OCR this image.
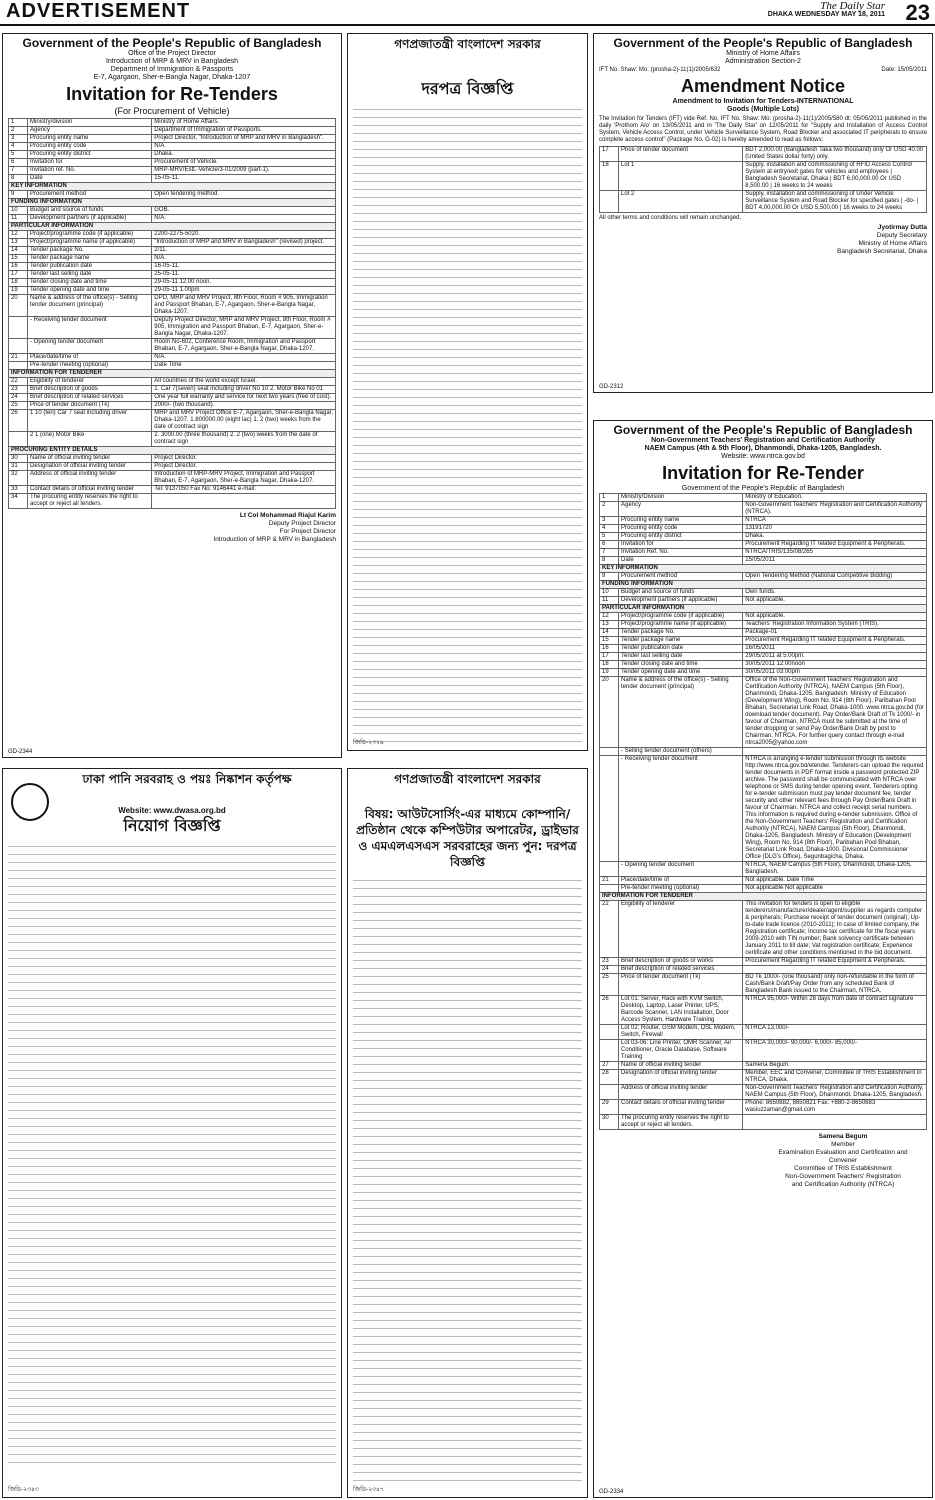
ADVERTISEMENT	The Daily Star
DHAKA WEDNESDAY MAY 18, 2011 23
Government of the People's Republic of Bangladesh
Office of the Project Director
Introduction of MRP & MRV in Bangladesh
Department of Immigration & Passports
E-7, Agargaon, Sher-e-Bangla Nagar, Dhaka-1207
Invitation for Re-Tenders
(For Procurement of Vehicle)
1	Ministry/division	Ministry of Home Affairs.
2	Agency	Department of Immigration of Passports.
3	Procuring entity name	Project Director, "Introduction of MRP and MRV in Bangladesh".
4	Procuring entity code	N/A.
5	Procuring entity district	Dhaka.
6	Invitation for	Procurement of Vehicle.
7	Invitation ref. No.	MRP-MRV/Estt.-Vehicle/3-01/2009 (part-1).
8	Date	15-05-11.
KEY INFORMATION		
9	Procurement method	Open tendering method.
FUNDING INFORMATION		
10	Budget and source of funds	GOB.
11	Development partners (if applicable)	N/A.
PARTICULAR INFORMATION		
12	Project/programme code (if applicable)	2200-2275-5020.
13	Project/programme name (if applicable)	"Introduction of MRP and MRV in Bangladesh" (revised) project.
14	Tender package No.	2/11.
15	Tender package name	N/A.
16	Tender publication date	16-05-11.
17	Tender last selling date	25-05-11.
18	Tender closing date and time	29-05-11 12.00 noon.
19	Tender opening date and time	29-05-11 1.00pm
20	Name & address of the office(s) - Selling tender document (principal)	DPD, MRP and MRV Project, 8th Floor, Room # 905, Immigration and Passport Bhaban, E-7, Agargaon, Sher-e-Bangla Nagar, Dhaka-1207.
	- Receiving tender document	Deputy Project Director, MRP and MRV Project, 8th Floor, Room # 905, Immigration and Passport Bhaban, E-7, Agargaon, Sher-e-Bangla Nagar, Dhaka-1207.
	- Opening tender document	Room No-602, Conference Room, Immigration and Passport Bhaban, E-7, Agargaon, Sher-e-Bangla Nagar, Dhaka-1207.
21	Place/date/time of	N/A.
	Pre-tender meeting (optional)	Date Time
INFORMATION FOR TENDERER		
22	Eligibility of tenderer	All countries of the world except Israel.
23	Brief description of goods	1. Car 7(seven) seat including driver No 10 2. Motor Bike No 01
24	Brief description of related services	One year full warranty and service for next two years (free of cost).
25	Price of tender document (Tk)	2000/- (two thousand).
26	1 10 (ten) Car 7 seat including driver	MRP and MRV Project Office E-7, Agargaon, Sher-e-Bangla Nagar, Dhaka-1207. 1.800000.00 (eight lac) 1. 2 (two) weeks from the date of contract sign
	2 1 (one) Motor Bike	2. 3000.00 (three thousand) 2. 2 (two) weeks from the date of contract sign
PROCURING ENTITY DETAILS		
30	Name of official inviting tender	Project Director.
31	Designation of official inviting tender	Project Director.
32	Address of official inviting tender	Introduction of MRP-MRV Project, Immigration and Passport Bhaban, E-7, Agargaon, Sher-e-Bangla Nagar, Dhaka-1207.
33	Contact details of official inviting tender	Tel: 9137050 Fax No: 9146441 e-mail:
34	The procuring entity reserves the right to accept or reject all tenders.	
Lt Col Mohammad Riajul Karim
Deputy Project Director
For Project Director
Introduction of MRP & MRV in Bangladesh
GD-2344
গণপ্রজাতন্ত্রী বাংলাদেশ সরকার
দরপত্র বিজ্ঞপ্তি
জিডি-২৩২৯
Government of the People's Republic of Bangladesh
Ministry of Home Affairs
Administration Section-2
IFT No. Shaw: Mo: (prosha-2)-11(1)/2005/632	Date: 15/05/2011
Amendment Notice
Amendment to Invitation for Tenders-INTERNATIONAL
Goods (Multiple Lots)
The Invitation for Tenders (IFT) vide Ref. No. IFT No. Shaw: Mo: (prosha-2)-11(1)/2005/580 dt: 05/05/2011 published in the daily 'Prothom Alo' on 13/05/2011 and in 'The Daily Star' on 12/05/2011 for "Supply and Installation of Access Control System, Vehicle Access Control, under Vehicle Surveillance System, Road Blocker and associated IT peripherals to ensure complete access control" (Package No. G-02) is hereby amended to read as follows:
17	Price of tender document	BDT 2,000.00 (Bangladesh Taka two thousand) only Or USD 40.00 (United States dollar forty) only.
18	Lot 1	Supply, installation and commissioning of RFID Access Control System at entry/exit gates for vehicles and employees | Bangladesh Secretariat, Dhaka | BDT 6,00,000.00 Or USD 8,500.00 | 16 weeks to 24 weeks
	Lot 2	Supply, installation and commissioning of Under Vehicle Surveillance System and Road Blocker for specified gates | -do- | BDT 4,00,000.00 Or USD 5,500.00 | 16 weeks to 24 weeks
All other terms and conditions will remain unchanged.
Jyotirmay Dutta
Deputy Secretary
Ministry of Home Affairs
Bangladesh Secretariat, Dhaka
GD-2312
ঢাকা পানি সরবরাহ ও পয়ঃ নিষ্কাশন কর্তৃপক্ষ
Website: www.dwasa.org.bd
নিয়োগ বিজ্ঞপ্তি
জিডি-২৩৪৩
গণপ্রজাতন্ত্রী বাংলাদেশ সরকার
বিষয়: আউটসোর্সিং-এর মাধ্যমে কোম্পানি/প্রতিষ্ঠান থেকে কম্পিউটার অপারেটর, ড্রাইভার ও এমএলএসএস সরবরাহের জন্য পুন: দরপত্র বিজ্ঞপ্তি
জিডি-২৩৪৭
Government of the People's Republic of Bangladesh
Non-Government Teachers' Registration and Certification Authority
NAEM Campus (4th & 5th Floor), Dhanmondi, Dhaka-1205, Bangladesh.
Website: www.ntrca.gov.bd
Invitation for Re-Tender
Government of the People's Republic of Bangladesh
1	Ministry/Division	Ministry of Education.
2	Agency	Non-Government Teachers' Registration and Certification Authority (NTRCA).
3	Procuring entity name	NTRCA
4	Procuring entity code	13191720
5	Procuring entity district	Dhaka.
6	Invitation for	Procurement Regarding IT related Equipment & Peripherals.
7	Invitation Ref. No.	NTRCA/TRIS/135/08/265
8	Date	15/05/2011
KEY INFORMATION		
9	Procurement method	Open Tendering Method (National Competitive Bidding)
FUNDING INFORMATION		
10	Budget and source of funds	Own funds.
11	Development partners (if applicable)	Not applicable.
PARTICULAR INFORMATION		
12	Project/programme code (if applicable)	Not applicable.
13	Project/programme name (if applicable)	Teachers' Registration Information System (TRIS).
14	Tender package No.	Package-01
15	Tender package name	Procurement Regarding IT related Equipment & Peripherals.
16	Tender publication date	16/05/2011
17	Tender last selling date	29/05/2011 at 5:00pm.
18	Tender closing date and time	30/05/2011 12:00noon
19	Tender opening date and time	30/05/2011 03:00pm
20	Name & address of the office(s) - Selling tender document (principal)	Office of the Non-Government Teachers' Registration and Certification Authority (NTRCA), NAEM Campus (5th Floor), Dhanmondi, Dhaka-1205, Bangladesh. Ministry of Education (Development Wing), Room No. 914 (8th Floor), Paribahan Pool Bhaban, Secretariat Link Road, Dhaka-1000. www.ntrca.gov.bd (for download tender document). Pay Order/Bank Draft of Tk 1000/- in favour of Chairman, NTRCA must be submitted at the time of tender dropping or send Pay Order/Bank Draft by post to Chairman, NTRCA. For further query contact through e-mail ntrca2005@yahoo.com
	- Selling tender document (others)	
	- Receiving tender document	NTRCA is arranging e-tender submission through its website http://www.ntrca.gov.bd/etender. Tenderers can upload the required tender documents in PDF format inside a password protected ZIP archive. The password shall be communicated with NTRCA over telephone or SMS during tender opening event. Tenderers opting for e-tender submission must pay tender document fee, tender security and other relevant fees through Pay Order/Bank Draft in favour of Chairman, NTRCA and collect receipt serial numbers. This information is required during e-tender submission. Office of the Non-Government Teachers' Registration and Certification Authority (NTRCA), NAEM Campus (5th Floor), Dhanmondi, Dhaka-1205, Bangladesh. Ministry of Education (Development Wing), Room No. 914 (8th Floor), Paribahan Pool Bhaban, Secretariat Link Road, Dhaka-1000. Divisional Commissioner Office (DLG's Office), Segunbagicha, Dhaka.
	- Opening tender document	NTRCA, NAEM Campus (5th Floor), Dhanmondi, Dhaka-1205, Bangladesh.
21	Place/date/time of	Not applicable. Date Time
	Pre-tender meeting (optional)	Not applicable Not applicable
INFORMATION FOR TENDERER		
22	Eligibility of tenderer	This invitation for tenders is open to eligible tenderers/manufacturer/dealer/agent/supplier as regards computer & peripherals; Purchase receipt of tender document (original); Up-to-date trade licence (2010-2011); In case of limited company, the Registration certificate; Income tax certificate for the fiscal years 2009-2010 with TIN number; Bank solvency certificate between January 2011 to till date; Vat registration certificate; Experience certificate and other conditions mentioned in the bid document.
23	Brief description of goods or works	Procurement Regarding IT related Equipment & Peripherals.
24	Brief description of related services	
25	Price of tender document (Tk)	BD Tk 1000/- (one thousand) only non-refundable in the form of Cash/Bank Draft/Pay Order from any scheduled Bank of Bangladesh Bank issued to the Chairman, NTRCA.
26	Lot 01: Server, Rack with KVM Switch, Desktop, Laptop, Laser Printer, UPS, Barcode Scanner, LAN Installation, Door Access System, Hardware Training	NTRCA 95,000/- Within 28 days from date of contract signature
	Lot 02: Router, GSM Modem, DSL Modem, Switch, Firewall	NTRCA 13,000/-
	Lot 03-06: Line Printer, OMR Scanner, Air Conditioner, Oracle Database, Software Training	NTRCA 30,000/- 90,000/- 6,000/- 85,000/-
27	Name of official inviting tender	Samena Begum.
28	Designation of official inviting tender	Member, EEC and Convener, Committee of TRIS Establishment in NTRCA, Dhaka.
	Address of official inviting tender	Non-Government Teachers' Registration and Certification Authority, NAEM Campus (5th Floor), Dhanmondi, Dhaka-1205, Bangladesh.
29	Contact details of official inviting tender	Phone: 8650882, 8650821 Fax: +880-2-8650883 wasiuzzaman@gmail.com
30	The procuring entity reserves the right to accept or reject all tenders.	
Samena Begum
Member
Examination Evaluation and Certification and
Convener
Committee of TRIS Establishment
Non-Government Teachers' Registration
and Certification Authority (NTRCA)
GD-2334
